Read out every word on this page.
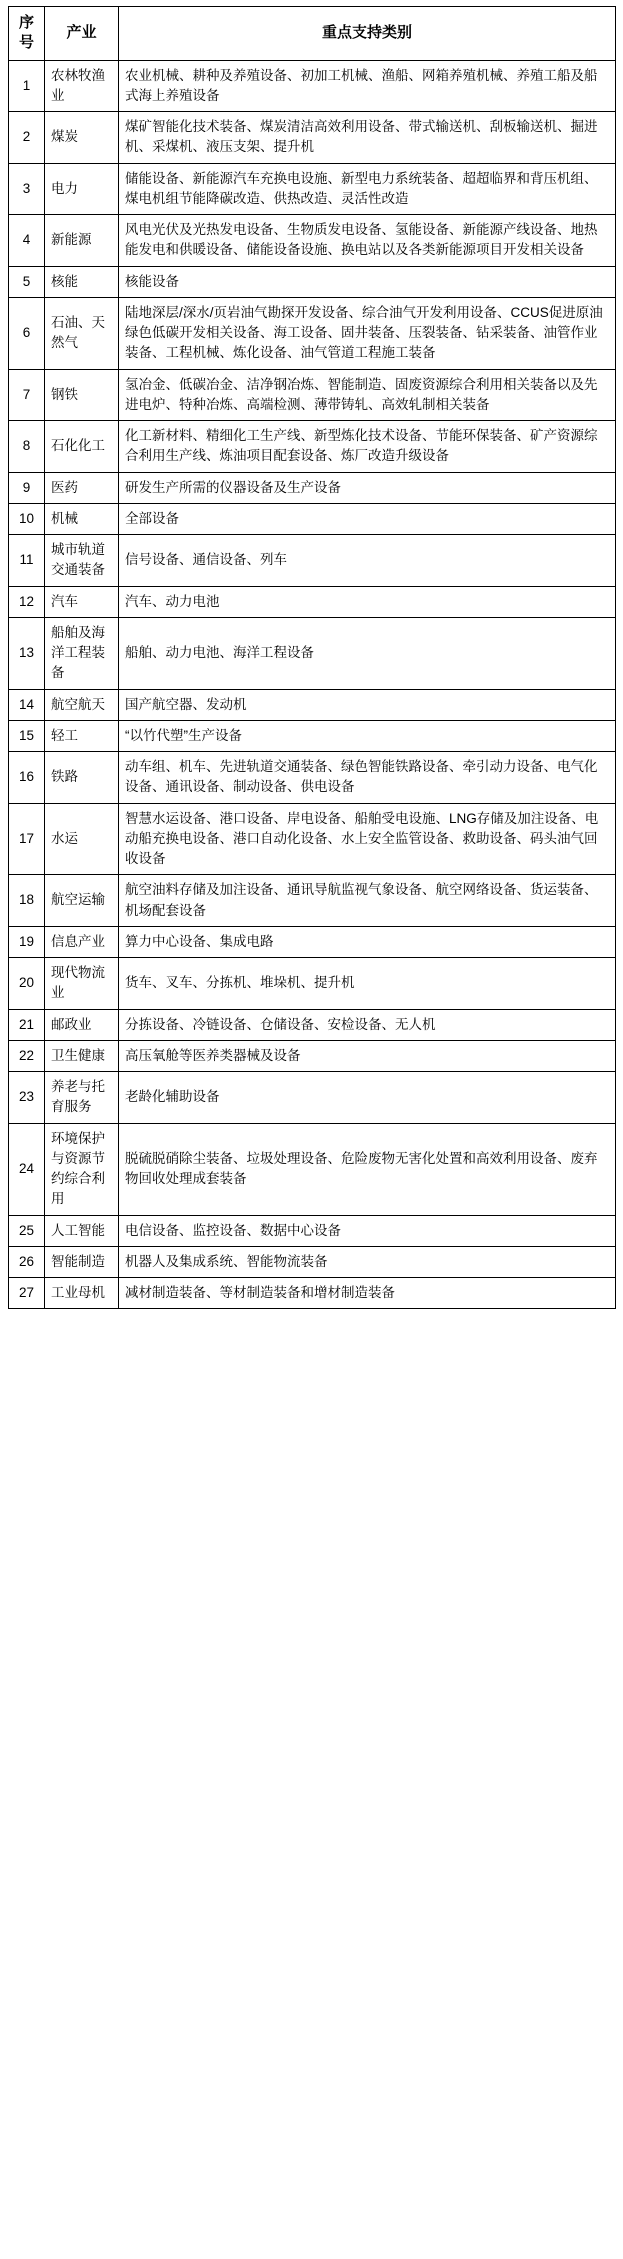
序号	产业	重点支持类别
1	农林牧渔业	农业机械、耕种及养殖设备、初加工机械、渔船、网箱养殖机械、养殖工船及船式海上养殖设备
2	煤炭	煤矿智能化技术装备、煤炭清洁高效利用设备、带式输送机、刮板输送机、掘进机、采煤机、液压支架、提升机
3	电力	储能设备、新能源汽车充换电设施、新型电力系统装备、超超临界和背压机组、煤电机组节能降碳改造、供热改造、灵活性改造
4	新能源	风电光伏及光热发电设备、生物质发电设备、氢能设备、新能源产线设备、地热能发电和供暖设备、储能设备设施、换电站以及各类新能源项目开发相关设备
5	核能	核能设备
6	石油、天然气	陆地深层/深水/页岩油气勘探开发设备、综合油气开发利用设备、CCUS促进原油绿色低碳开发相关设备、海工设备、固井装备、压裂装备、钻采装备、油管作业装备、工程机械、炼化设备、油气管道工程施工装备
7	钢铁	氢冶金、低碳冶金、洁净钢冶炼、智能制造、固废资源综合利用相关装备以及先进电炉、特种冶炼、高端检测、薄带铸轧、高效轧制相关装备
8	石化化工	化工新材料、精细化工生产线、新型炼化技术设备、节能环保装备、矿产资源综合利用生产线、炼油项目配套设备、炼厂改造升级设备
9	医药	研发生产所需的仪器设备及生产设备
10	机械	全部设备
11	城市轨道交通装备	信号设备、通信设备、列车
12	汽车	汽车、动力电池
13	船舶及海洋工程装备	船舶、动力电池、海洋工程设备
14	航空航天	国产航空器、发动机
15	轻工	“以竹代塑”生产设备
16	铁路	动车组、机车、先进轨道交通装备、绿色智能铁路设备、牵引动力设备、电气化设备、通讯设备、制动设备、供电设备
17	水运	智慧水运设备、港口设备、岸电设备、船舶受电设施、LNG存储及加注设备、电动船充换电设备、港口自动化设备、水上安全监管设备、救助设备、码头油气回收设备
18	航空运输	航空油料存储及加注设备、通讯导航监视气象设备、航空网络设备、货运装备、机场配套设备
19	信息产业	算力中心设备、集成电路
20	现代物流业	货车、叉车、分拣机、堆垛机、提升机
21	邮政业	分拣设备、冷链设备、仓储设备、安检设备、无人机
22	卫生健康	高压氧舱等医养类器械及设备
23	养老与托育服务	老龄化辅助设备
24	环境保护与资源节约综合利用	脱硫脱硝除尘装备、垃圾处理设备、危险废物无害化处置和高效利用设备、废弃物回收处理成套装备
25	人工智能	电信设备、监控设备、数据中心设备
26	智能制造	机器人及集成系统、智能物流装备
27	工业母机	减材制造装备、等材制造装备和增材制造装备
